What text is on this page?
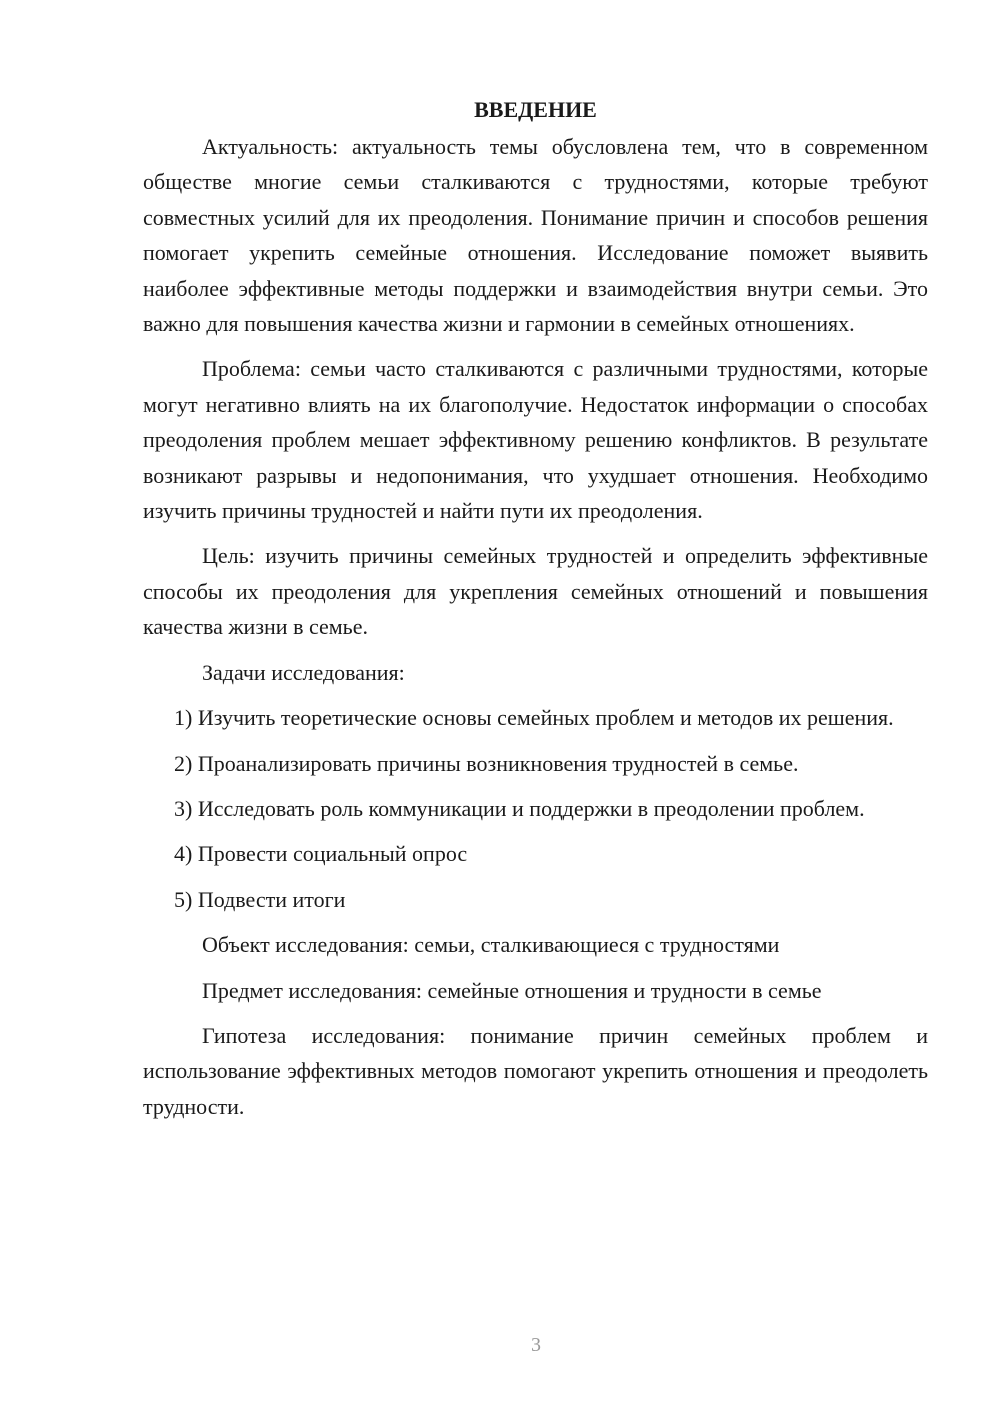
ВВЕДЕНИЕ

Актуальность: актуальность темы обусловлена тем, что в современном обществе многие семьи сталкиваются с трудностями, которые требуют совместных усилий для их преодоления. Понимание причин и способов решения помогает укрепить семейные отношения. Исследование поможет выявить наиболее эффективные методы поддержки и взаимодействия внутри семьи. Это важно для повышения качества жизни и гармонии в семейных отношениях.

Проблема: семьи часто сталкиваются с различными трудностями, которые могут негативно влиять на их благополучие. Недостаток информации о способах преодоления проблем мешает эффективному решению конфликтов. В результате возникают разрывы и недопонимания, что ухудшает отношения. Необходимо изучить причины трудностей и найти пути их преодоления.

Цель: изучить причины семейных трудностей и определить эффективные способы их преодоления для укрепления семейных отношений и повышения качества жизни в семье.

Задачи исследования:

1) Изучить теоретические основы семейных проблем и методов их решения.

2) Проанализировать причины возникновения трудностей в семье.

3) Исследовать роль коммуникации и поддержки в преодолении проблем.

4) Провести социальный опрос

5) Подвести итоги

Объект исследования: семьи, сталкивающиеся с трудностями

Предмет исследования: семейные отношения и трудности в семье

Гипотеза исследования: понимание причин семейных проблем и использование эффективных методов помогают укрепить отношения и преодолеть трудности.

3
